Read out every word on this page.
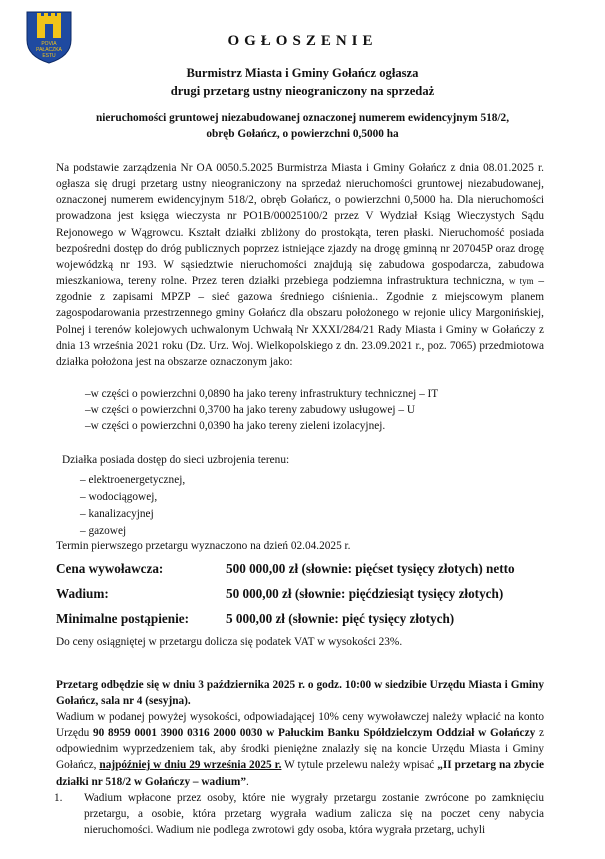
POVIA
PAŁACZKA
ESTU
OGŁOSZENIE
Burmistrz Miasta i Gminy Gołańcz ogłasza
drugi przetarg ustny nieograniczony na sprzedaż
nieruchomości gruntowej niezabudowanej oznaczonej numerem ewidencyjnym 518/2,
obręb Gołańcz, o powierzchni 0,5000 ha

Na podstawie zarządzenia Nr OA 0050.5.2025 Burmistrza Miasta i Gminy Gołańcz z dnia 08.01.2025 r. ogłasza się drugi przetarg ustny nieograniczony na sprzedaż nieruchomości gruntowej niezabudowanej, oznaczonej numerem ewidencyjnym 518/2, obręb Gołańcz, o powierzchni 0,5000 ha. Dla nieruchomości prowadzona jest księga wieczysta nr PO1B/00025100/2 przez V Wydział Ksiąg Wieczystych Sądu Rejonowego w Wągrowcu. Kształt działki zbliżony do prostokąta, teren płaski. Nieruchomość posiada bezpośredni dostęp do dróg publicznych poprzez istniejące zjazdy na drogę gminną nr 207045P oraz drogę wojewódzką nr 193. W sąsiedztwie nieruchomości znajdują się zabudowa gospodarcza, zabudowa mieszkaniowa, tereny rolne. Przez teren działki przebiega podziemna infrastruktura techniczna, w tym – zgodnie z zapisami MPZP – sieć gazowa średniego ciśnienia.. Zgodnie z miejscowym planem zagospodarowania przestrzennego gminy Gołańcz dla obszaru położonego w rejonie ulicy Margonińskiej, Polnej i terenów kolejowych uchwalonym Uchwałą Nr XXXI/284/21 Rady Miasta i Gminy w Gołańczy z dnia 13 września 2021 roku (Dz. Urz. Woj. Wielkopolskiego z dn. 23.09.2021 r., poz. 7065) przedmiotowa działka położona jest na obszarze oznaczonym jako:

–w części o powierzchni 0,0890 ha jako tereny infrastruktury technicznej – IT
–w części o powierzchni 0,3700 ha jako tereny zabudowy usługowej – U
–w części o powierzchni 0,0390 ha jako tereny zieleni izolacyjnej.
Działka posiada dostęp do sieci uzbrojenia terenu:
– elektroenergetycznej,
– wodociągowej,
– kanalizacyjnej
– gazowej
Termin pierwszego przetargu wyznaczono na dzień 02.04.2025 r.
Cena wywoławcza:	500 000,00 zł (słownie: pięćset tysięcy złotych) netto
Wadium:	50 000,00 zł (słownie: pięćdziesiąt tysięcy złotych)
Minimalne postąpienie:	5 000,00 zł (słownie: pięć tysięcy złotych)
Do ceny osiągniętej w przetargu dolicza się podatek VAT w wysokości 23%.

Przetarg odbędzie się w dniu 3 października 2025 r. o godz. 10:00 w siedzibie Urzędu Miasta i Gminy Gołańcz, sala nr 4 (sesyjna).

Wadium w podanej powyżej wysokości, odpowiadającej 10% ceny wywoławczej należy wpłacić na konto Urzędu 90 8959 0001 3900 0316 2000 0030 w Pałuckim Banku Spółdzielczym Oddział w Gołańczy z odpowiednim wyprzedzeniem tak, aby środki pieniężne znalazły się na koncie Urzędu Miasta i Gminy Gołańcz, najpóźniej w dniu 29 września 2025 r. W tytule przelewu należy wpisać „II przetarg na zbycie działki nr 518/2 w Gołańczy – wadium”.

1. Wadium wpłacone przez osoby, które nie wygrały przetargu zostanie zwrócone po zamknięciu przetargu, a osobie, która przetarg wygrała wadium zalicza się na poczet ceny nabycia nieruchomości. Wadium nie podlega zwrotowi gdy osoba, która wygrała przetarg, uchyli
